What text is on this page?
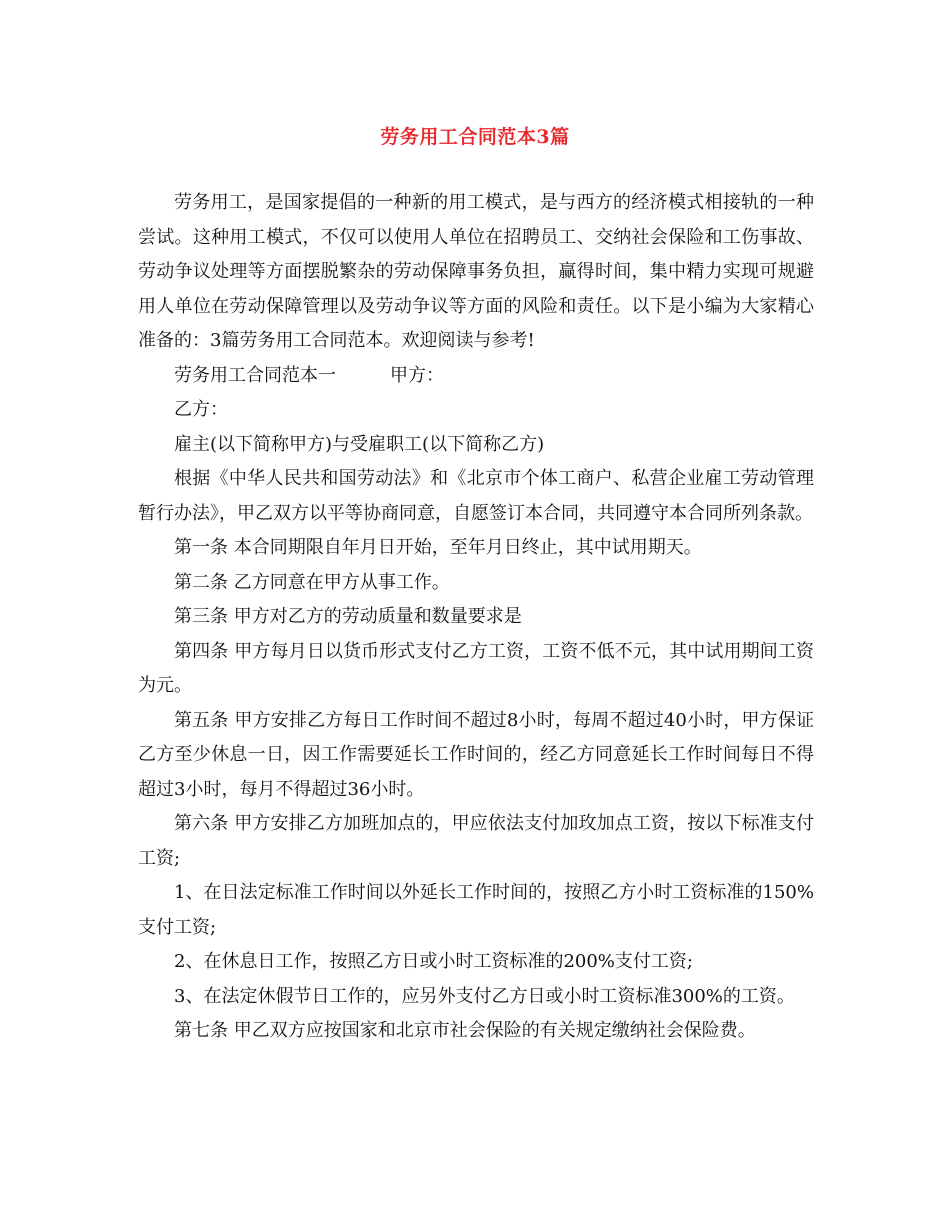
劳务用工合同范本3篇

劳务用工，是国家提倡的一种新的用工模式，是与西方的经济模式相接轨的一种尝试。这种用工模式，不仅可以使用人单位在招聘员工、交纳社会保险和工伤事故、劳动争议处理等方面摆脱繁杂的劳动保障事务负担，赢得时间，集中精力实现可规避用人单位在劳动保障管理以及劳动争议等方面的风险和责任。以下是小编为大家精心准备的：3篇劳务用工合同范本。欢迎阅读与参考!

劳务用工合同范本一	甲方：

乙方：

雇主(以下简称甲方)与受雇职工(以下简称乙方)

根据《中华人民共和国劳动法》和《北京市个体工商户、私营企业雇工劳动管理暂行办法》，甲乙双方以平等协商同意，自愿签订本合同，共同遵守本合同所列条款。

第一条 本合同期限自年月日开始，至年月日终止，其中试用期天。

第二条 乙方同意在甲方从事工作。

第三条 甲方对乙方的劳动质量和数量要求是

第四条 甲方每月日以货币形式支付乙方工资，工资不低不元，其中试用期间工资为元。

第五条 甲方安排乙方每日工作时间不超过8小时，每周不超过40小时，甲方保证乙方至少休息一日，因工作需要延长工作时间的，经乙方同意延长工作时间每日不得超过3小时，每月不得超过36小时。

第六条 甲方安排乙方加班加点的，甲应依法支付加玫加点工资，按以下标准支付工资;

1、在日法定标准工作时间以外延长工作时间的，按照乙方小时工资标准的150%支付工资;

2、在休息日工作，按照乙方日或小时工资标准的200%支付工资;

3、在法定休假节日工作的，应另外支付乙方日或小时工资标准300%的工资。

第七条 甲乙双方应按国家和北京市社会保险的有关规定缴纳社会保险费。
